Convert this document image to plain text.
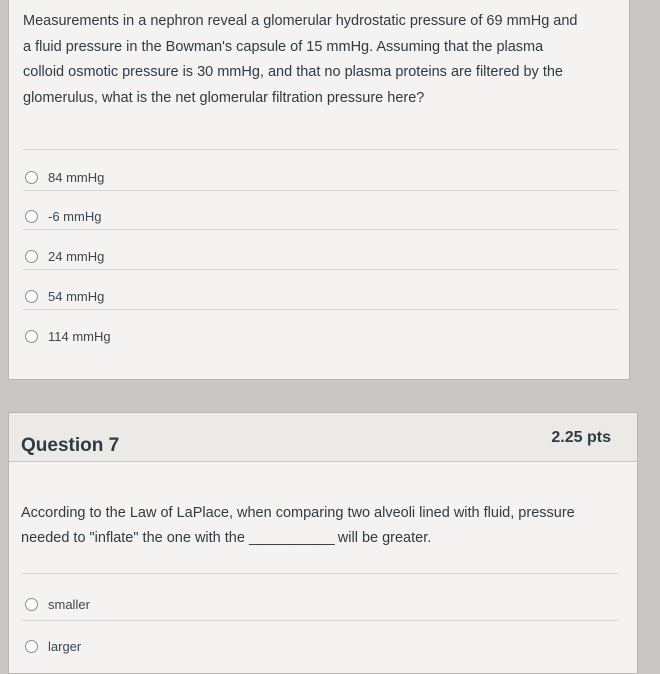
Measurements in a nephron reveal a glomerular hydrostatic pressure of 69 mmHg and a fluid pressure in the Bowman's capsule of 15 mmHg. Assuming that the plasma colloid osmotic pressure is 30 mmHg, and that no plasma proteins are filtered by the glomerulus, what is the net glomerular filtration pressure here?
84 mmHg
-6 mmHg
24 mmHg
54 mmHg
114 mmHg
Question 7	2.25 pts
According to the Law of LaPlace, when comparing two alveoli lined with fluid, pressure needed to "inflate" the one with the ____________ will be greater.
smaller
larger
